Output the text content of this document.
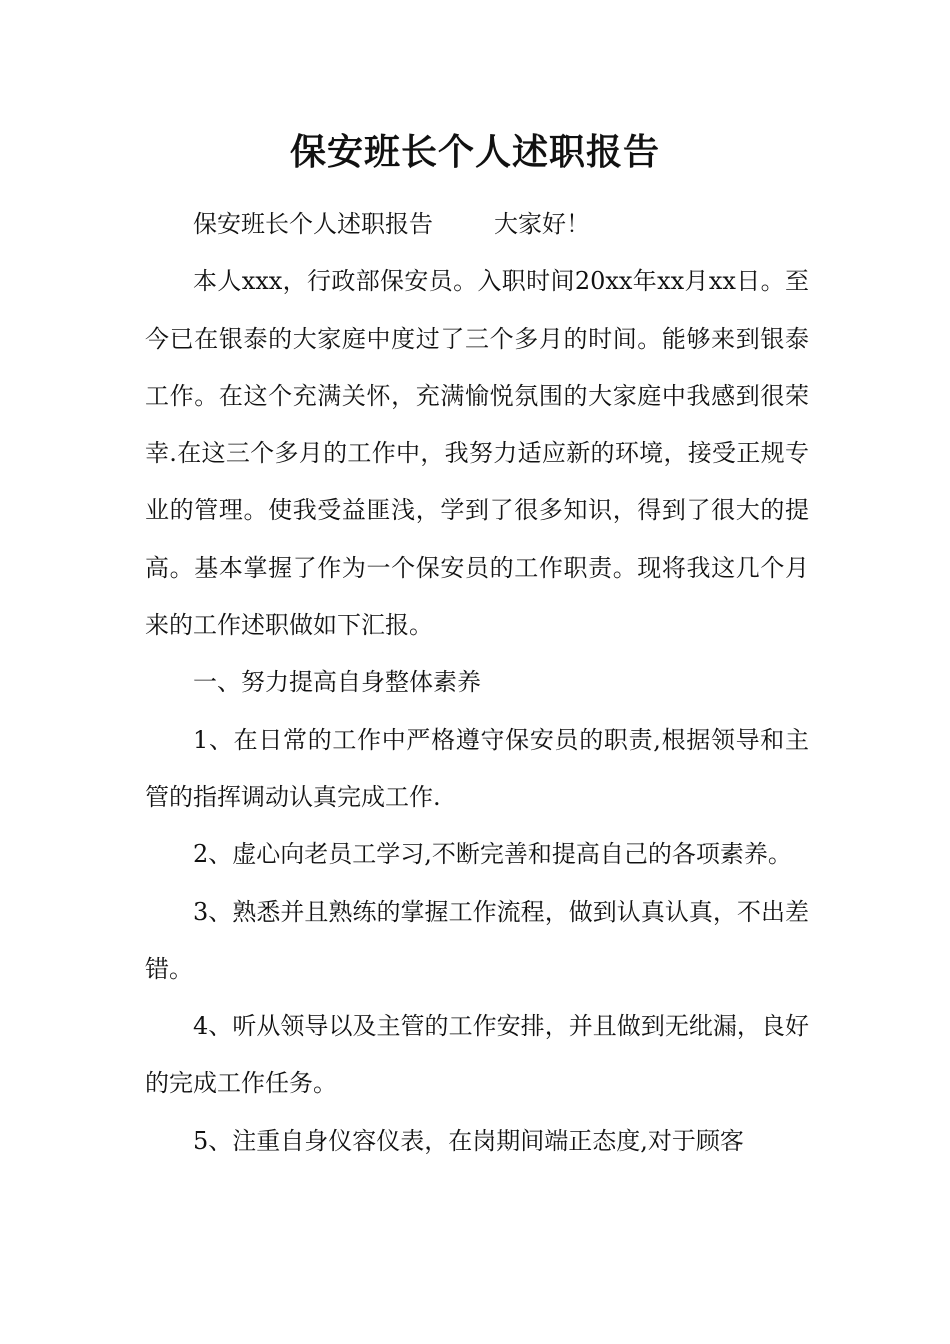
保安班长个人述职报告

保安班长个人述职报告        大家好！

本人xxx，行政部保安员。入职时间20xx年xx月xx日。至今已在银泰的大家庭中度过了三个多月的时间。能够来到银泰工作。在这个充满关怀，充满愉悦氛围的大家庭中我感到很荣幸.在这三个多月的工作中，我努力适应新的环境，接受正规专业的管理。使我受益匪浅，学到了很多知识，得到了很大的提高。基本掌握了作为一个保安员的工作职责。现将我这几个月来的工作述职做如下汇报。

一、努力提高自身整体素养

1、在日常的工作中严格遵守保安员的职责,根据领导和主管的指挥调动认真完成工作.

2、虚心向老员工学习,不断完善和提高自己的各项素养。

3、熟悉并且熟练的掌握工作流程，做到认真认真，不出差错。

4、听从领导以及主管的工作安排，并且做到无纰漏，良好的完成工作任务。

5、注重自身仪容仪表，在岗期间端正态度,对于顾客
